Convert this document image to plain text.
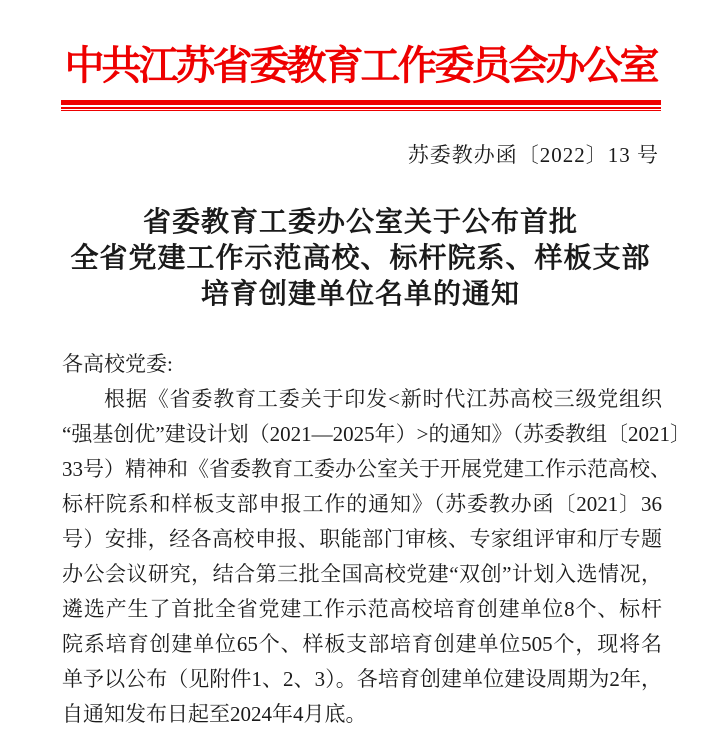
中共江苏省委教育工作委员会办公室
苏委教办函〔2022〕13 号
省委教育工委办公室关于公布首批
全省党建工作示范高校、标杆院系、样板支部
培育创建单位名单的通知
各高校党委:
根据《省委教育工委关于印发<新时代江苏高校三级党组织
“强基创优”建设计划（2021—2025年）>的通知》（苏委教组〔2021〕
33号）精神和《省委教育工委办公室关于开展党建工作示范高校、
标杆院系和样板支部申报工作的通知》（苏委教办函〔2021〕36
号）安排，经各高校申报、职能部门审核、专家组评审和厅专题
办公会议研究，结合第三批全国高校党建“双创”计划入选情况，
遴选产生了首批全省党建工作示范高校培育创建单位8个、标杆
院系培育创建单位65个、样板支部培育创建单位505个，现将名
单予以公布（见附件1、2、3）。各培育创建单位建设周期为2年，
自通知发布日起至2024年4月底。
